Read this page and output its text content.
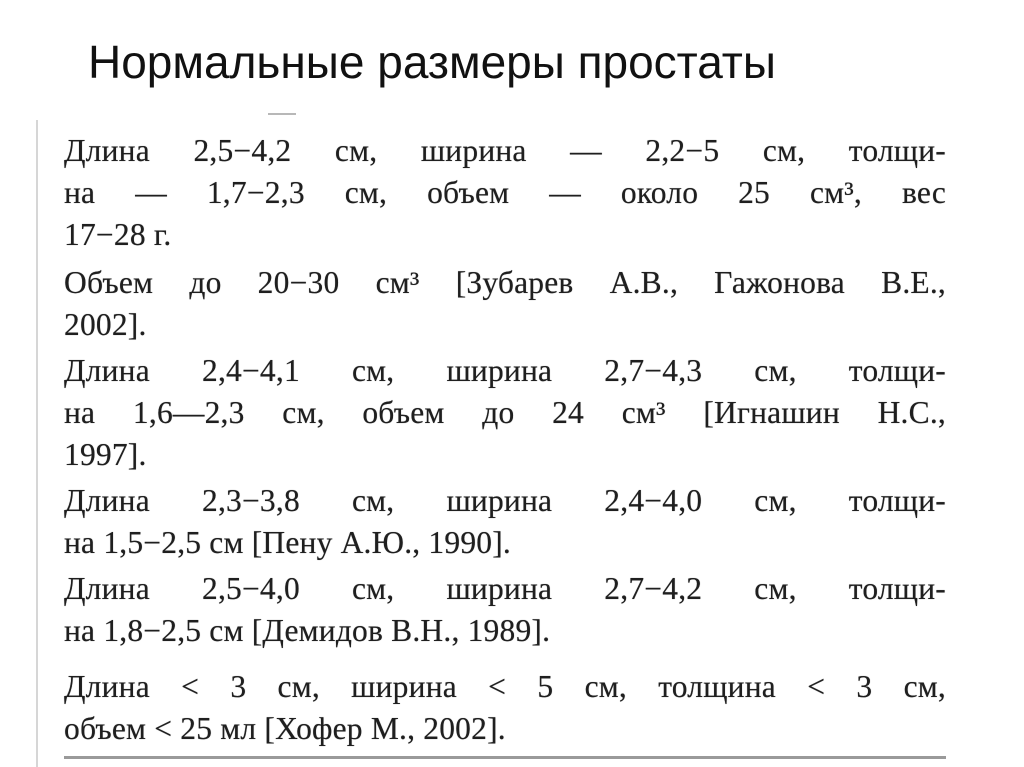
Нормальные размеры простаты
Длина 2,5−4,2 см, ширина — 2,2−5 см, толщи-
на — 1,7−2,3 см, объем — около 25 см³, вес
17−28 г.
Объем до 20−30 см³ [Зубарев А.В., Гажонова В.Е.,
2002].
Длина 2,4−4,1 см, ширина 2,7−4,3 см, толщи-
на 1,6—2,3 см, объем до 24 см³ [Игнашин Н.С.,
1997].
Длина 2,3−3,8 см, ширина 2,4−4,0 см, толщи-
на 1,5−2,5 см [Пену А.Ю., 1990].
Длина 2,5−4,0 см, ширина 2,7−4,2 см, толщи-
на 1,8−2,5 см [Демидов В.Н., 1989].
Длина < 3 см, ширина < 5 см, толщина < 3 см,
объем < 25 мл [Хофер М., 2002].
